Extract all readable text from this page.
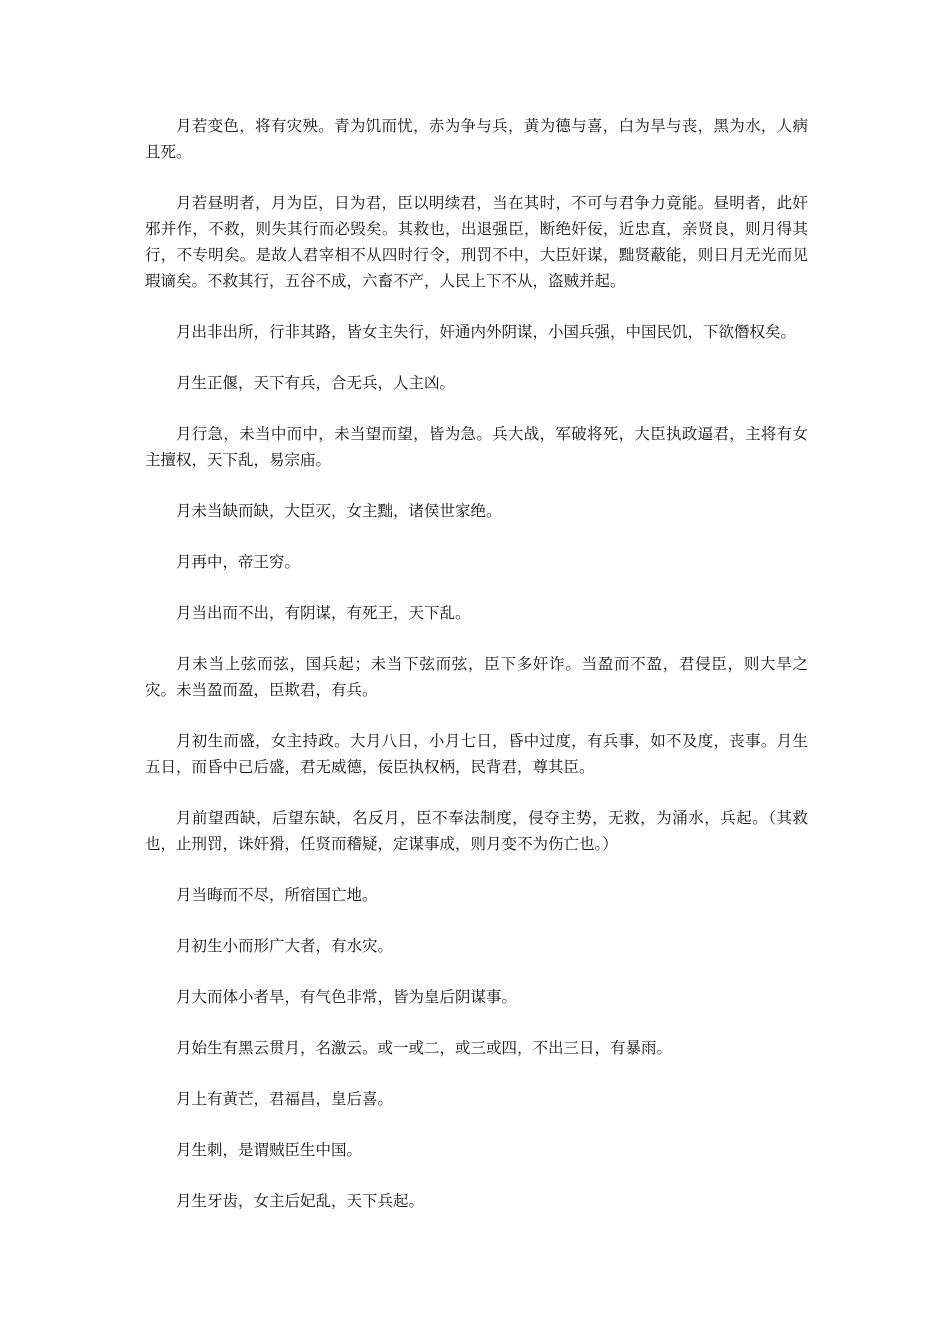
月若变色，将有灾殃。青为饥而忧，赤为争与兵，黄为德与喜，白为旱与丧，黑为水，人病且死。

月若昼明者，月为臣，日为君，臣以明续君，当在其时，不可与君争力竟能。昼明者，此奸邪并作，不救，则失其行而必毁矣。其救也，出退强臣，断绝奸佞，近忠直，亲贤良，则月得其行，不专明矣。是故人君宰相不从四时行令，刑罚不中，大臣奸谋，黜贤蔽能，则日月无光而见瑕谪矣。不救其行，五谷不成，六畜不产，人民上下不从，盗贼并起。

月出非出所，行非其路，皆女主失行，奸通内外阴谋，小国兵强，中国民饥，下欲僭权矣。

月生正偃，天下有兵，合无兵，人主凶。

月行急，未当中而中，未当望而望，皆为急。兵大战，军破将死，大臣执政逼君，主将有女主擅权，天下乱，易宗庙。

月未当缺而缺，大臣灭，女主黜，诸侯世家绝。

月再中，帝王穷。

月当出而不出，有阴谋，有死王，天下乱。

月未当上弦而弦，国兵起；未当下弦而弦，臣下多奸诈。当盈而不盈，君侵臣，则大旱之灾。未当盈而盈，臣欺君，有兵。

月初生而盛，女主持政。大月八日，小月七日，昏中过度，有兵事，如不及度，丧事。月生五日，而昏中已后盛，君无威德，佞臣执权柄，民背君，尊其臣。

月前望西缺，后望东缺，名反月，臣不奉法制度，侵夺主势，无救，为涌水，兵起。（其救也，止刑罚，诛奸猾，任贤而稽疑，定谋事成，则月变不为伤亡也。）

月当晦而不尽，所宿国亡地。

月初生小而形广大者，有水灾。

月大而体小者旱，有气色非常，皆为皇后阴谋事。

月始生有黑云贯月，名激云。或一或二，或三或四，不出三日，有暴雨。

月上有黄芒，君福昌，皇后喜。

月生刺，是谓贼臣生中国。

月生牙齿，女主后妃乱，天下兵起。
